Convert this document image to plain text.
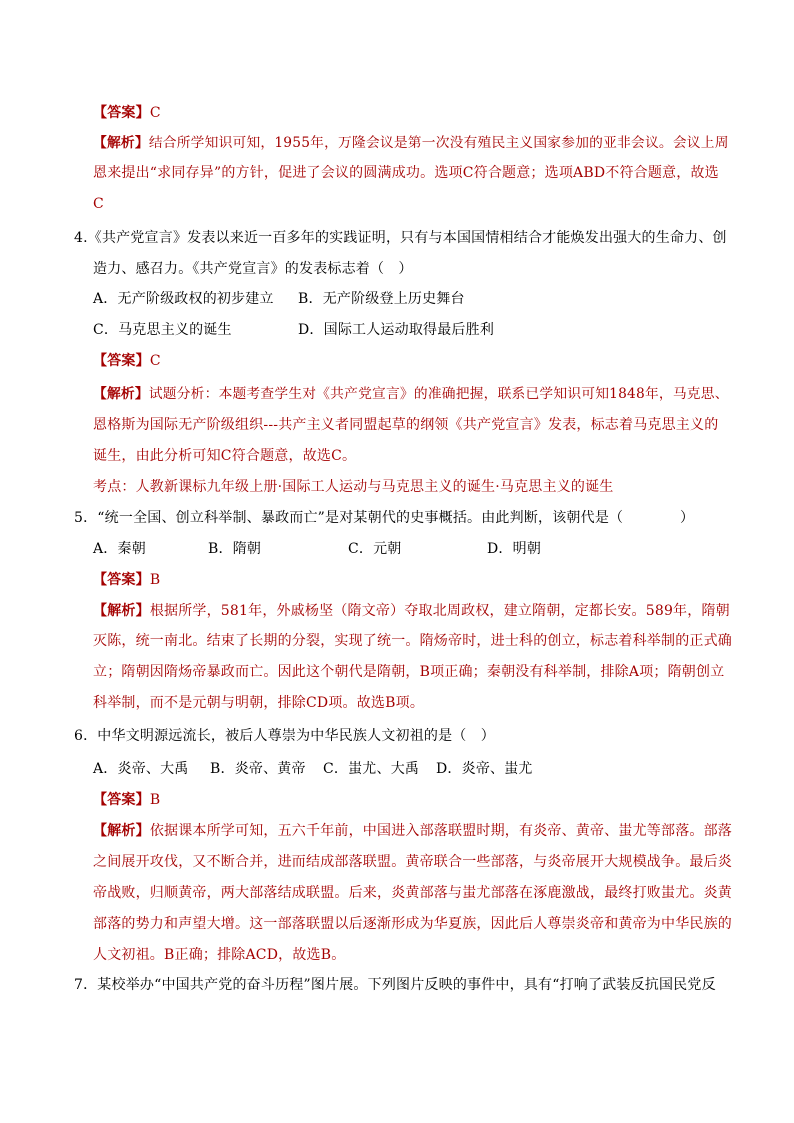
【答案】C
【解析】结合所学知识可知，1955年，万隆会议是第一次没有殖民主义国家参加的亚非会议。会议上周
恩来提出“求同存异”的方针，促进了会议的圆满成功。选项C符合题意；选项ABD不符合题意，故选
C
4.《共产党宣言》发表以来近一百多年的实践证明，只有与本国国情相结合才能焕发出强大的生命力、创
造力、感召力。《共产党宣言》的发表标志着（　）
A．无产阶级政权的初步建立 B．无产阶级登上历史舞台
C．马克思主义的诞生	D．国际工人运动取得最后胜利
【答案】C
【解析】试题分析：本题考查学生对《共产党宣言》的准确把握，联系已学知识可知1848年，马克思、
恩格斯为国际无产阶级组织---共产主义者同盟起草的纲领《共产党宣言》发表，标志着马克思主义的
诞生，由此分析可知C符合题意，故选C。
考点：人教新课标九年级上册·国际工人运动与马克思主义的诞生·马克思主义的诞生
5．“统一全国、创立科举制、暴政而亡”是对某朝代的史事概括。由此判断，该朝代是（　　　　）
A．秦朝	B．隋朝	C．元朝	D．明朝
【答案】B
【解析】根据所学，581年，外戚杨坚（隋文帝）夺取北周政权，建立隋朝，定都长安。589年，隋朝
灭陈，统一南北。结束了长期的分裂，实现了统一。隋炀帝时，进士科的创立，标志着科举制的正式确
立；隋朝因隋炀帝暴政而亡。因此这个朝代是隋朝，B项正确；秦朝没有科举制，排除A项；隋朝创立
科举制，而不是元朝与明朝，排除CD项。故选B项。
6．中华文明源远流长，被后人尊崇为中华民族人文初祖的是（　）
A．炎帝、大禹 B．炎帝、黄帝 C．蚩尤、大禹 D．炎帝、蚩尤
【答案】B
【解析】依据课本所学可知，五六千年前，中国进入部落联盟时期，有炎帝、黄帝、蚩尤等部落。部落
之间展开攻伐，又不断合并，进而结成部落联盟。黄帝联合一些部落，与炎帝展开大规模战争。最后炎
帝战败，归顺黄帝，两大部落结成联盟。后来，炎黄部落与蚩尤部落在涿鹿激战，最终打败蚩尤。炎黄
部落的势力和声望大增。这一部落联盟以后逐渐形成为华夏族，因此后人尊崇炎帝和黄帝为中华民族的
人文初祖。B正确；排除ACD，故选B。
7．某校举办“中国共产党的奋斗历程”图片展。下列图片反映的事件中，具有“打响了武装反抗国民党反
